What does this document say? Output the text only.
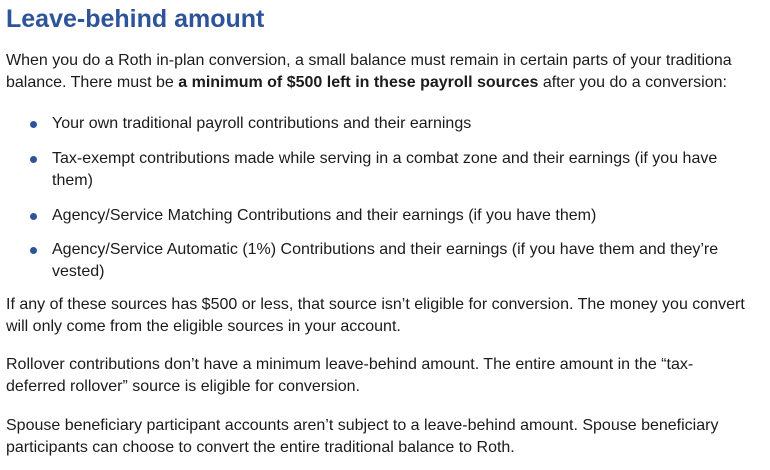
Leave-behind amount

When you do a Roth in-plan conversion, a small balance must remain in certain parts of your traditiona
balance. There must be a minimum of $500 left in these payroll sources after you do a conversion:

Your own traditional payroll contributions and their earnings
Tax-exempt contributions made while serving in a combat zone and their earnings (if you have
them)
Agency/Service Matching Contributions and their earnings (if you have them)
Agency/Service Automatic (1%) Contributions and their earnings (if you have them and they’re
vested)

If any of these sources has $500 or less, that source isn’t eligible for conversion. The money you convert
will only come from the eligible sources in your account.

Rollover contributions don’t have a minimum leave-behind amount. The entire amount in the “tax-
deferred rollover” source is eligible for conversion.

Spouse beneficiary participant accounts aren’t subject to a leave-behind amount. Spouse beneficiary
participants can choose to convert the entire traditional balance to Roth.
